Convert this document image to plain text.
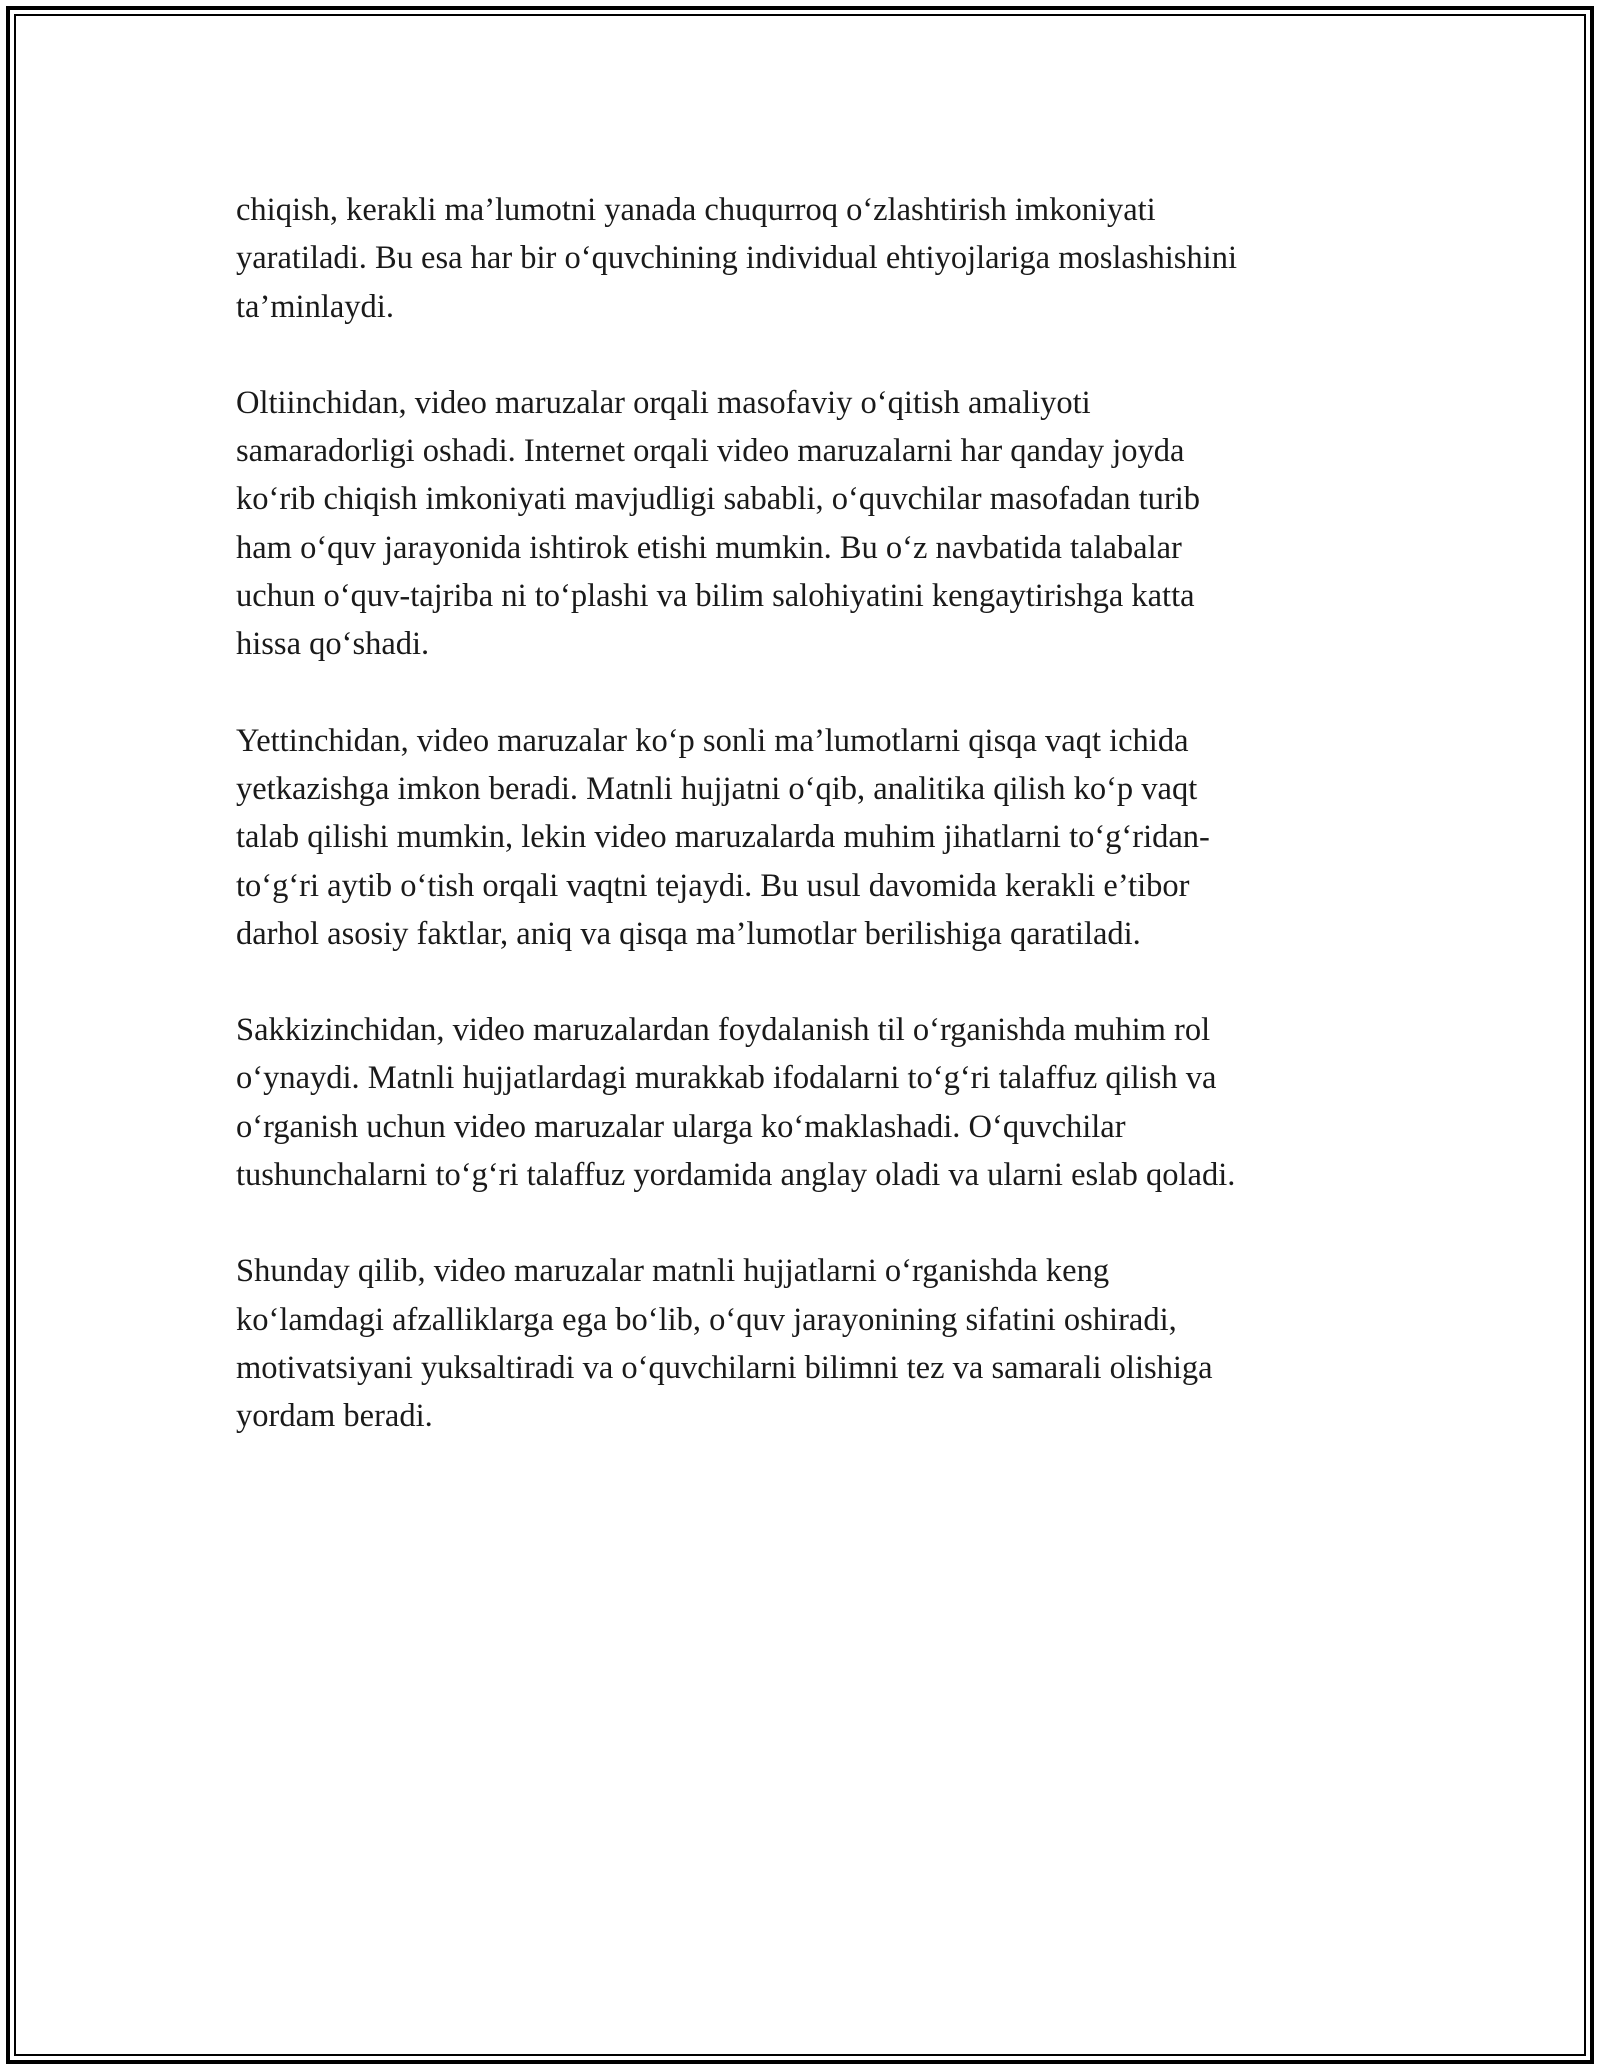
chiqish, kerakli ma’lumotni yanada chuqurroq o‘zlashtirish imkoniyati
yaratiladi. Bu esa har bir o‘quvchining individual ehtiyojlariga moslashishini
ta’minlaydi.

Oltiinchidan, video maruzalar orqali masofaviy o‘qitish amaliyoti
samaradorligi oshadi. Internet orqali video maruzalarni har qanday joyda
ko‘rib chiqish imkoniyati mavjudligi sababli, o‘quvchilar masofadan turib
ham o‘quv jarayonida ishtirok etishi mumkin. Bu o‘z navbatida talabalar
uchun o‘quv-tajriba ni to‘plashi va bilim salohiyatini kengaytirishga katta
hissa qo‘shadi.

Yettinchidan, video maruzalar ko‘p sonli ma’lumotlarni qisqa vaqt ichida
yetkazishga imkon beradi. Matnli hujjatni o‘qib, analitika qilish ko‘p vaqt
talab qilishi mumkin, lekin video maruzalarda muhim jihatlarni to‘g‘ridan-
to‘g‘ri aytib o‘tish orqali vaqtni tejaydi. Bu usul davomida kerakli e’tibor
darhol asosiy faktlar, aniq va qisqa ma’lumotlar berilishiga qaratiladi.

Sakkizinchidan, video maruzalardan foydalanish til o‘rganishda muhim rol
o‘ynaydi. Matnli hujjatlardagi murakkab ifodalarni to‘g‘ri talaffuz qilish va
o‘rganish uchun video maruzalar ularga ko‘maklashadi. O‘quvchilar
tushunchalarni to‘g‘ri talaffuz yordamida anglay oladi va ularni eslab qoladi.

Shunday qilib, video maruzalar matnli hujjatlarni o‘rganishda keng
ko‘lamdagi afzalliklarga ega bo‘lib, o‘quv jarayonining sifatini oshiradi,
motivatsiyani yuksaltiradi va o‘quvchilarni bilimni tez va samarali olishiga
yordam beradi.
